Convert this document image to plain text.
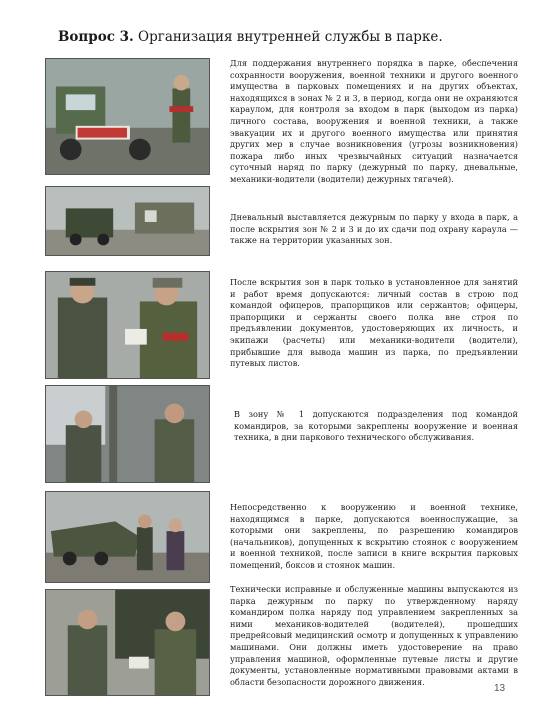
Вопрос 3. Организация внутренней службы в парке.
Для поддержания внутреннего порядка в парке, обеспечения сохранности вооружения, военной техники и другого военного имущества в парковых помещениях и на других объектах, находящихся в зонах № 2 и 3, в период, когда они не охраняются караулом, для контроля за входом в парк (выходом из парка) личного состава, вооружения и военной техники, а также эвакуации их и другого военного имущества или принятия других мер в случае возникновения (угрозы возникновения) пожара либо иных чрезвычайных ситуаций назначается суточный наряд по парку (дежурный по парку, дневальные, механики-водители (водители) дежурных тягачей).
Дневальный выставляется дежурным по парку у входа в парк, а после вскрытия зон № 2 и 3 и до их сдачи под охрану караула — также на территории указанных зон.
После вскрытия зон в парк только в установленное для занятий и работ время допускаются: личный состав в строю под командой офицеров, прапорщиков или сержантов; офицеры, прапорщики и сержанты своего полка вне строя по предъявлении документов, удостоверяющих их личность, и экипажи (расчеты) или механики-водители (водители), прибывшие для вывода машин из парка, по предъявлении путевых листов.
В зону № 1 допускаются подразделения под командой командиров, за которыми закреплены вооружение и военная техника, в дни паркового технического обслуживания.
Непосредственно к вооружению и военной технике, находящимся в парке, допускаются военнослужащие, за которыми они закреплены, по разрешению командиров (начальников), допущенных к вскрытию стоянок с вооружением и военной техникой, после записи в книге вскрытия парковых помещений, боксов и стоянок машин.
Технически исправные и обслуженные машины выпускаются из парка дежурным по парку по утвержденному наряду командиром полка наряду под управлением закрепленных за ними механиков-водителей (водителей), прошедших предрейсовый медицинский осмотр и допущенных к управлению машинами. Они должны иметь удостоверение на право управления машиной, оформленные путевые листы и другие документы, установленные нормативными правовыми актами в области безопасности дорожного движения.
13
